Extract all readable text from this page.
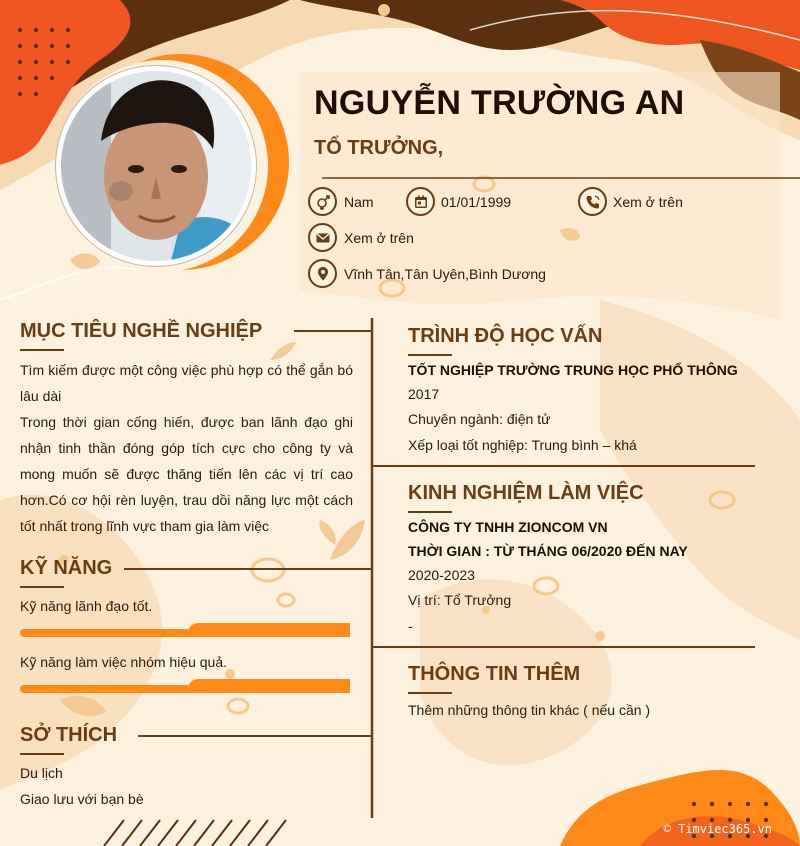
NGUYỄN TRƯỜNG AN
TỔ TRƯỞNG,
Nam	01/01/1999	Xem ở trên
Xem ở trên
Vĩnh Tân,Tân Uyên,Bình Dương
MỤC TIÊU NGHỀ NGHIỆP
Tìm kiếm được một công việc phù hợp có thể gắn bó lâu dài
Trong thời gian cống hiến, được ban lãnh đạo ghi nhận tinh thần đóng góp tích cực cho công ty và mong muốn sẽ được thăng tiến lên các vị trí cao hơn.Có cơ hội rèn luyện, trau dồi năng lực một cách tốt nhất trong lĩnh vực tham gia làm việc
KỸ NĂNG
Kỹ năng lãnh đạo tốt.
Kỹ năng làm việc nhóm hiệu quả.
SỞ THÍCH
Du lịch
Giao lưu với bạn bè
TRÌNH ĐỘ HỌC VẤN
TỐT NGHIỆP TRƯỜNG TRUNG HỌC PHỔ THÔNG
2017
Chuyên ngành: điện tử
Xếp loại tốt nghiệp: Trung bình – khá
KINH NGHIỆM LÀM VIỆC
CÔNG TY TNHH ZIONCOM VN
THỜI GIAN : TỪ THÁNG 06/2020 ĐẾN NAY
2020-2023
Vị trí: Tổ Trưởng
-
THÔNG TIN THÊM
Thêm những thông tin khác ( nếu cần )
© Timviec365.vn
